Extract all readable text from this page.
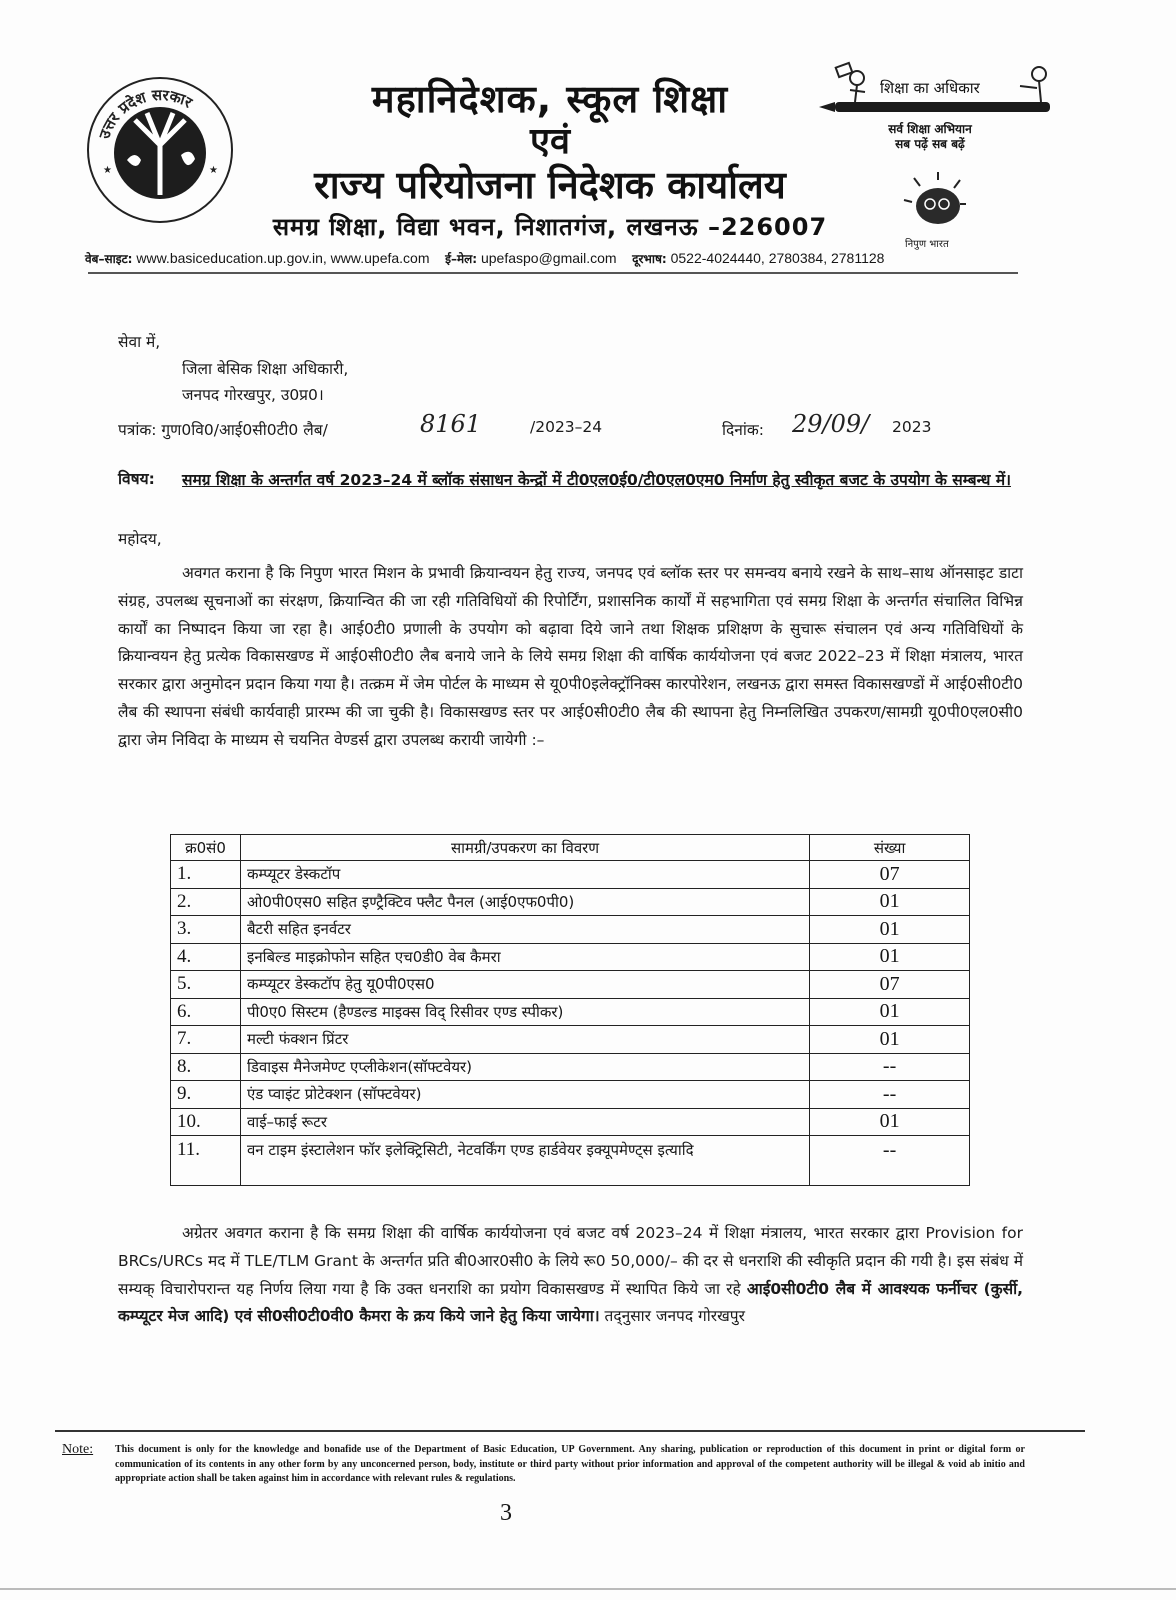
★	★
उत्तर प्रदेश सरकार	महानिदेशक, स्कूल शिक्षा
एवं
राज्य परियोजना निदेशक कार्यालय
समग्र शिक्षा, विद्या भवन, निशातगंज, लखनऊ –226007
शिक्षा का अधिकार
सर्व शिक्षा अभियान
सब पढ़ें सब बढ़ें
निपुण भारत
वेब–साइट: www.basiceducation.up.gov.in, www.upefa.com ई–मेल: upefaspo@gmail.com दूरभाष: 0522-4024440, 2780384, 2781128
सेवा में,
जिला बेसिक शिक्षा अधिकारी,
जनपद गोरखपुर, उ0प्र0।
पत्रांक: गुण0वि0/आई0सी0टी0 लैब/	8161	/2023–24	दिनांक: 29/09/ 2023
विषय: समग्र शिक्षा के अन्तर्गत वर्ष 2023–24 में ब्लॉक संसाधन केन्द्रों में टी0एल0ई0/टी0एल0एम0 निर्माण हेतु स्वीकृत बजट के उपयोग के सम्बन्ध में।
महोदय,
अवगत कराना है कि निपुण भारत मिशन के प्रभावी क्रियान्वयन हेतु राज्य, जनपद एवं ब्लॉक स्तर पर समन्वय बनाये रखने के साथ–साथ ऑनसाइट डाटा संग्रह, उपलब्ध सूचनाओं का संरक्षण, क्रियान्वित की जा रही गतिविधियों की रिपोर्टिंग, प्रशासनिक कार्यों में सहभागिता एवं समग्र शिक्षा के अन्तर्गत संचालित विभिन्न कार्यों का निष्पादन किया जा रहा है। आई0टी0 प्रणाली के उपयोग को बढ़ावा दिये जाने तथा शिक्षक प्रशिक्षण के सुचारू संचालन एवं अन्य गतिविधियों के क्रियान्वयन हेतु प्रत्येक विकासखण्ड में आई0सी0टी0 लैब बनाये जाने के लिये समग्र शिक्षा की वार्षिक कार्ययोजना एवं बजट 2022–23 में शिक्षा मंत्रालय, भारत सरकार द्वारा अनुमोदन प्रदान किया गया है। तत्क्रम में जेम पोर्टल के माध्यम से यू0पी0इलेक्ट्रॉनिक्स कारपोरेशन, लखनऊ द्वारा समस्त विकासखण्डों में आई0सी0टी0 लैब की स्थापना संबंधी कार्यवाही प्रारम्भ की जा चुकी है। विकासखण्ड स्तर पर आई0सी0टी0 लैब की स्थापना हेतु निम्नलिखित उपकरण/सामग्री यू0पी0एल0सी0 द्वारा जेम निविदा के माध्यम से चयनित वेण्डर्स द्वारा उपलब्ध करायी जायेगी :–
क्र0सं0	सामग्री/उपकरण का विवरण	संख्या
1.	कम्प्यूटर डेस्कटॉप	07
2.	ओ0पी0एस0 सहित इण्ट्रैक्टिव फ्लैट पैनल (आई0एफ0पी0)	01
3.	बैटरी सहित इनर्वटर	01
4.	इनबिल्ड माइक्रोफोन सहित एच0डी0 वेब कैमरा	01
5.	कम्प्यूटर डेस्कटॉप हेतु यू0पी0एस0	07
6.	पी0ए0 सिस्टम (हैण्डल्ड माइक्स विद् रिसीवर एण्ड स्पीकर)	01
7.	मल्टी फंक्शन प्रिंटर	01
8.	डिवाइस मैनेजमेण्ट एप्लीकेशन(सॉफ्टवेयर)	--
9.	एंड प्वाइंट प्रोटेक्शन (सॉफ्टवेयर)	--
10.	वाई–फाई रूटर	01
11.	वन टाइम इंस्टालेशन फॉर इलेक्ट्रिसिटी, नेटवर्किंग एण्ड हार्डवेयर इक्यूपमेण्ट्स इत्यादि	--
अग्रेतर अवगत कराना है कि समग्र शिक्षा की वार्षिक कार्ययोजना एवं बजट वर्ष 2023–24 में शिक्षा मंत्रालय, भारत सरकार द्वारा Provision for BRCs/URCs मद में TLE/TLM Grant के अन्तर्गत प्रति बी0आर0सी0 के लिये रू0 50,000/– की दर से धनराशि की स्वीकृति प्रदान की गयी है। इस संबंध में सम्यक् विचारोपरान्त यह निर्णय लिया गया है कि उक्त धनराशि का प्रयोग विकासखण्ड में स्थापित किये जा रहे आई0सी0टी0 लैब में आवश्यक फर्नीचर (कुर्सी, कम्प्यूटर मेज आदि) एवं सी0सी0टी0वी0 कैमरा के क्रय किये जाने हेतु किया जायेगा। तद्नुसार जनपद गोरखपुर
Note: This document is only for the knowledge and bonafide use of the Department of Basic Education, UP Government. Any sharing, publication or reproduction of this document in print or digital form or communication of its contents in any other form by any unconcerned person, body, institute or third party without prior information and approval of the competent authority will be illegal & void ab initio and appropriate action shall be taken against him in accordance with relevant rules & regulations.
3
